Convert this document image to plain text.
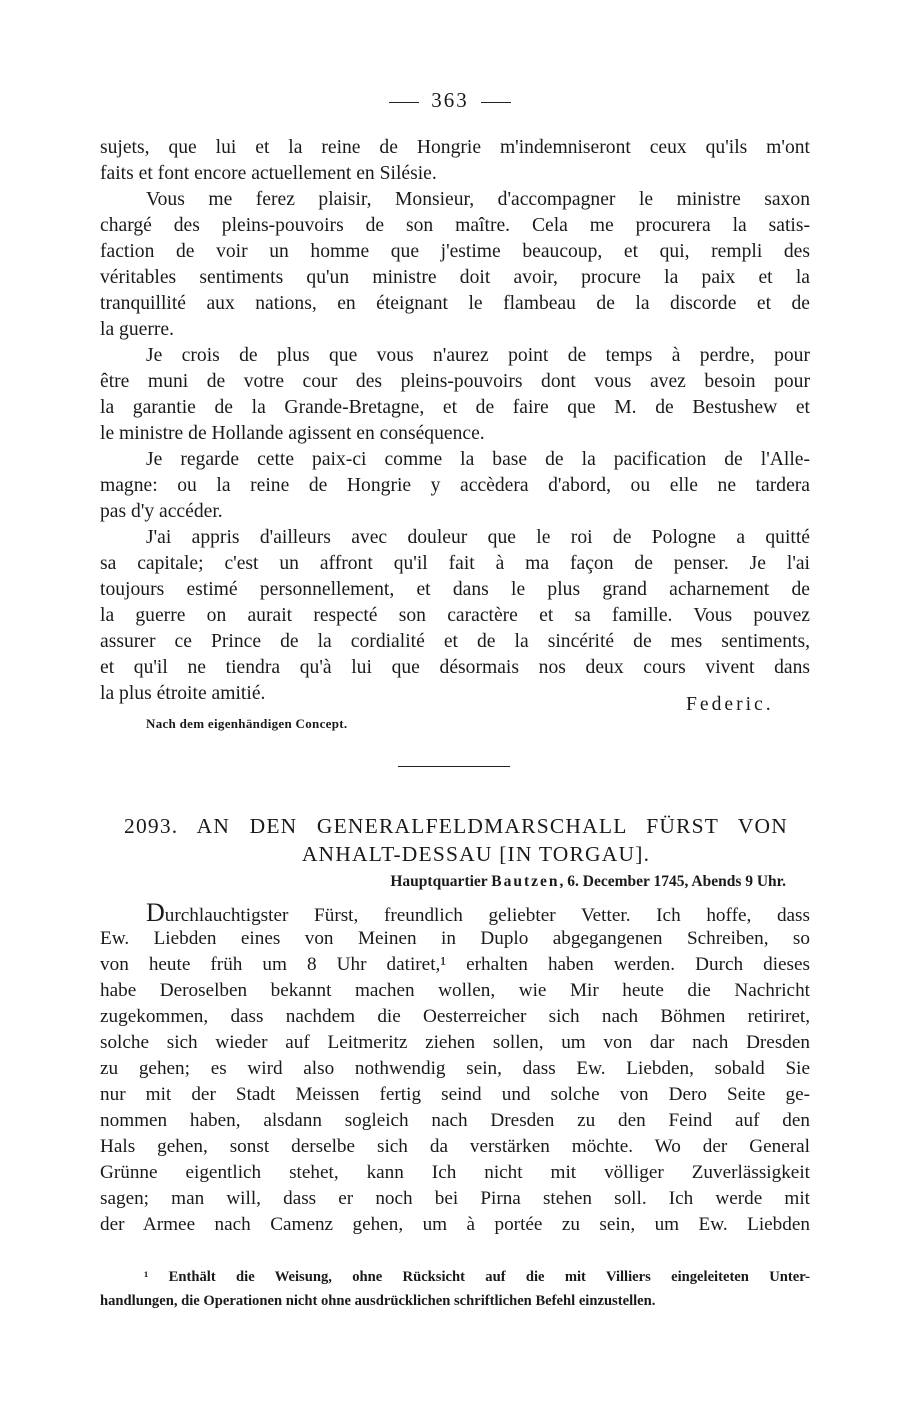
363
sujets, que lui et la reine de Hongrie m'indemniseront ceux qu'ils m'ont
faits et font encore actuellement en Silésie.
Vous me ferez plaisir, Monsieur, d'accompagner le ministre saxon
chargé des pleins-pouvoirs de son maître. Cela me procurera la satis-
faction de voir un homme que j'estime beaucoup, et qui, rempli des
véritables sentiments qu'un ministre doit avoir, procure la paix et la
tranquillité aux nations, en éteignant le flambeau de la discorde et de
la guerre.
Je crois de plus que vous n'aurez point de temps à perdre, pour
être muni de votre cour des pleins-pouvoirs dont vous avez besoin pour
la garantie de la Grande-Bretagne, et de faire que M. de Bestushew et
le ministre de Hollande agissent en conséquence.
Je regarde cette paix-ci comme la base de la pacification de l'Alle-
magne: ou la reine de Hongrie y accèdera d'abord, ou elle ne tardera
pas d'y accéder.
J'ai appris d'ailleurs avec douleur que le roi de Pologne a quitté
sa capitale; c'est un affront qu'il fait à ma façon de penser. Je l'ai
toujours estimé personnellement, et dans le plus grand acharnement de
la guerre on aurait respecté son caractère et sa famille. Vous pouvez
assurer ce Prince de la cordialité et de la sincérité de mes sentiments,
et qu'il ne tiendra qu'à lui que désormais nos deux cours vivent dans
la plus étroite amitié.
Federic.
Nach dem eigenhändigen Concept.
2093. AN DEN GENERALFELDMARSCHALL FÜRST VON
ANHALT-DESSAU [IN TORGAU].
Hauptquartier Bautzen, 6. December 1745, Abends 9 Uhr.
Durchlauchtigster Fürst, freundlich geliebter Vetter. Ich hoffe, dass
Ew. Liebden eines von Meinen in Duplo abgegangenen Schreiben, so
von heute früh um 8 Uhr datiret,¹ erhalten haben werden. Durch dieses
habe Deroselben bekannt machen wollen, wie Mir heute die Nachricht
zugekommen, dass nachdem die Oesterreicher sich nach Böhmen retiriret,
solche sich wieder auf Leitmeritz ziehen sollen, um von dar nach Dresden
zu gehen; es wird also nothwendig sein, dass Ew. Liebden, sobald Sie
nur mit der Stadt Meissen fertig seind und solche von Dero Seite ge-
nommen haben, alsdann sogleich nach Dresden zu den Feind auf den
Hals gehen, sonst derselbe sich da verstärken möchte. Wo der General
Grünne eigentlich stehet, kann Ich nicht mit völliger Zuverlässigkeit
sagen; man will, dass er noch bei Pirna stehen soll. Ich werde mit
der Armee nach Camenz gehen, um à portée zu sein, um Ew. Liebden
¹ Enthält die Weisung, ohne Rücksicht auf die mit Villiers eingeleiteten Unter-
handlungen, die Operationen nicht ohne ausdrücklichen schriftlichen Befehl einzustellen.
